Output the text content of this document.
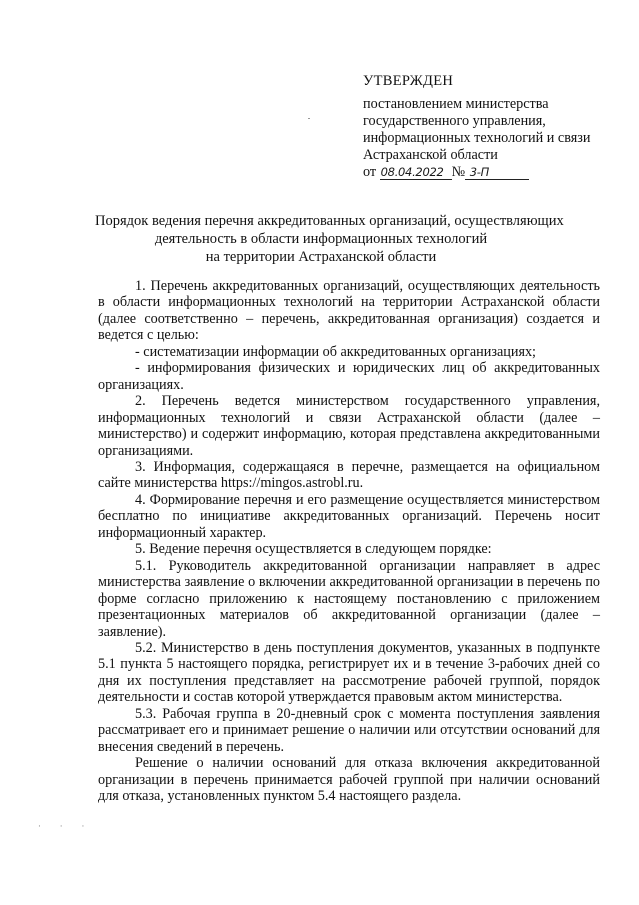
УТВЕРЖДЕН
постановлением министерства
государственного управления,
информационных технологий и связи
Астраханской области
от 08.04.2022 № 3-П
Порядок ведения перечня аккредитованных организаций, осуществляющих
деятельность в области информационных технологий
на территории Астраханской области

1. Перечень аккредитованных организаций, осуществляющих деятельность в области информационных технологий на территории Астраханской области (далее соответственно – перечень, аккредитованная организация) создается и ведется с целью:

- систематизации информации об аккредитованных организациях;

- информирования физических и юридических лиц об аккредитованных организациях.

2. Перечень ведется министерством государственного управления, информационных технологий и связи Астраханской области (далее – министерство) и содержит информацию, которая представлена аккредитованными организациями.

3. Информация, содержащаяся в перечне, размещается на официальном сайте министерства https://mingos.astrobl.ru.

4. Формирование перечня и его размещение осуществляется министерством бесплатно по инициативе аккредитованных организаций. Перечень носит информационный характер.

5. Ведение перечня осуществляется в следующем порядке:

5.1. Руководитель аккредитованной организации направляет в адрес министерства заявление о включении аккредитованной организации в перечень по форме согласно приложению к настоящему постановлению с приложением презентационных материалов об аккредитованной организации (далее – заявление).

5.2. Министерство в день поступления документов, указанных в подпункте 5.1 пункта 5 настоящего порядка, регистрирует их и в течение 3-рабочих дней со дня их поступления представляет на рассмотрение рабочей группой, порядок деятельности и состав которой утверждается правовым актом министерства.

5.3. Рабочая группа в 20-дневный срок с момента поступления заявления рассматривает его и принимает решение о наличии или отсутствии оснований для внесения сведений в перечень.

Решение о наличии оснований для отказа включения аккредитованной организации в перечень принимается рабочей группой при наличии оснований для отказа, установленных пунктом 5.4 настоящего раздела.

· · ·
